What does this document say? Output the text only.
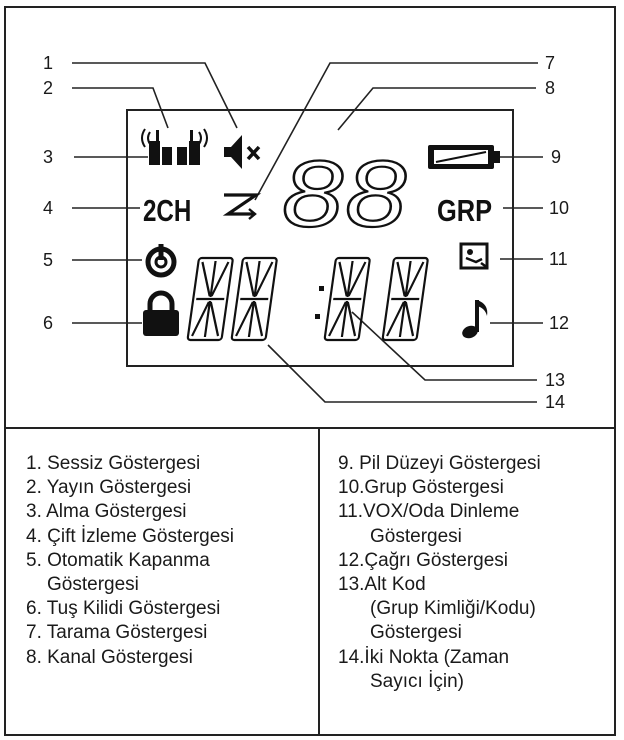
1
2
3
4
5
6
7
8
9
10
11
12
13
14
2CH 88 GRP
1. Sessiz Göstergesi
2. Yayın Göstergesi
3. Alma Göstergesi
4. Çift İzleme Göstergesi
5. Otomatik Kapanma
Göstergesi
6. Tuş Kilidi Göstergesi
7. Tarama Göstergesi
8. Kanal Göstergesi
9. Pil Düzeyi Göstergesi
10.Grup Göstergesi
11.VOX/Oda Dinleme
Göstergesi
12.Çağrı Göstergesi
13.Alt Kod
(Grup Kimliği/Kodu)
Göstergesi
14.İki Nokta (Zaman
Sayıcı İçin)
